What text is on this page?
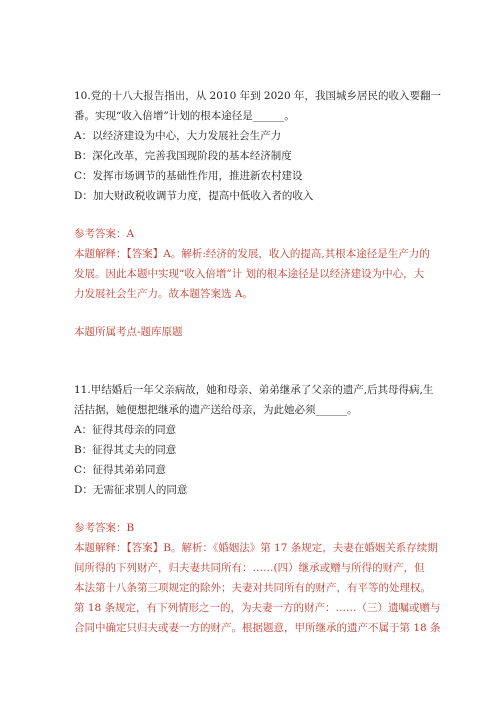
10.党的十八大报告指出，从 2010 年到 2020 年，我国城乡居民的收入要翻一
番。实现“收入倍增”计划的根本途径是______。
A：以经济建设为中心，大力发展社会生产力
B：深化改革，完善我国现阶段的基本经济制度
C：发挥市场调节的基础性作用，推进新农村建设
D：加大财政税收调节力度，提高中低收入者的收入
参考答案：A
本题解释：【答案】A。解析:经济的发展，收入的提高,其根本途径是生产力的
发展。因此本题中实现“收入倍增”计 划的根本途径是以经济建设为中心，大
力发展社会生产力。故本题答案选 A。
本题所属考点-题库原题
11.甲结婚后一年父亲病故，她和母亲、弟弟继承了父亲的遗产,后其母得病,生
活拮据，她便想把继承的遗产送给母亲，为此她必须______。
A：征得其母亲的同意
B：征得其丈夫的同意
C：征得其弟弟同意
D：无需征求别人的同意
参考答案：B
本题解释：【答案】B。解析：《婚姻法》第 17 条规定，夫妻在婚姻关系存续期
间所得的下列财产，归夫妻共同所有：……(四）继承或赠与所得的财产，但
本法第十八条第三项规定的除外；夫妻对共同所有的财产，有平等的处理权。
第 18 条规定，有下列情形之一的，为夫妻一方的财产：……（三）遗嘱或赠与
合同中确定只归夫或妻一方的财产。根据题意，甲所继承的遗产不属于第 18 条
